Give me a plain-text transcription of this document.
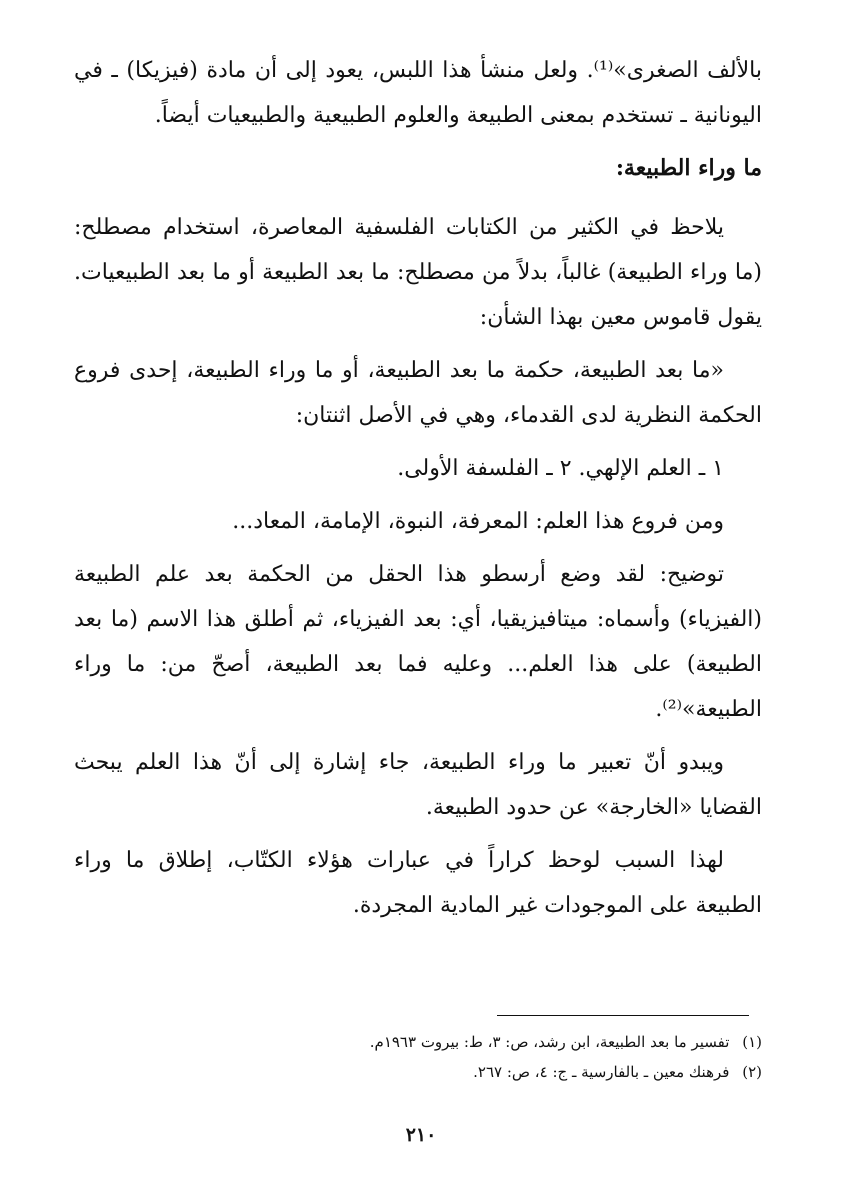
بالألف الصغرى»⁽¹⁾. ولعل منشأ هذا اللبس، يعود إلى أن مادة (فيزيكا) ـ في اليونانية ـ تستخدم بمعنى الطبيعة والعلوم الطبيعية والطبيعيات أيضاً.

ما وراء الطبيعة:

يلاحظ في الكثير من الكتابات الفلسفية المعاصرة، استخدام مصطلح: (ما وراء الطبيعة) غالباً، بدلاً من مصطلح: ما بعد الطبيعة أو ما بعد الطبيعيات. يقول قاموس معين بهذا الشأن:

«ما بعد الطبيعة، حكمة ما بعد الطبيعة، أو ما وراء الطبيعة، إحدى فروع الحكمة النظرية لدى القدماء، وهي في الأصل اثنتان:

١ ـ العلم الإلهي. ٢ ـ الفلسفة الأولى.

ومن فروع هذا العلم: المعرفة، النبوة، الإمامة، المعاد...

توضيح: لقد وضع أرسطو هذا الحقل من الحكمة بعد علم الطبيعة (الفيزياء) وأسماه: ميتافيزيقيا، أي: بعد الفيزياء، ثم أطلق هذا الاسم (ما بعد الطبيعة) على هذا العلم... وعليه فما بعد الطبيعة، أصحّ من: ما وراء الطبيعة»⁽²⁾.

ويبدو أنّ تعبير ما وراء الطبيعة، جاء إشارة إلى أنّ هذا العلم يبحث القضايا «الخارجة» عن حدود الطبيعة.

لهذا السبب لوحظ كراراً في عبارات هؤلاء الكتّاب، إطلاق ما وراء الطبيعة على الموجودات غير المادية المجردة.

(١) تفسير ما بعد الطبيعة، ابن رشد، ص: ٣، ط: بيروت ١٩٦٣م.

(٢) فرهنك معين ـ بالفارسية ـ ج: ٤، ص: ٢٦٧.

٢١٠
